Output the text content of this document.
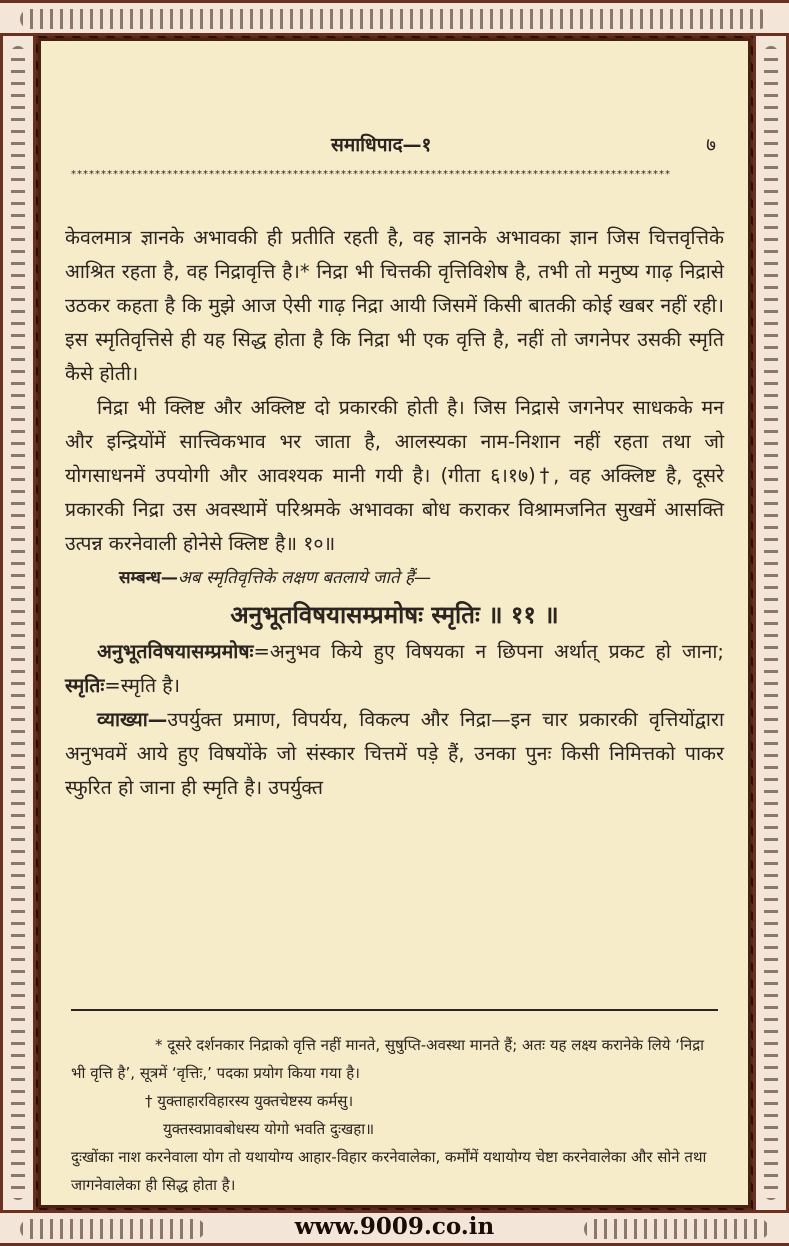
समाधिपाद—१	७
****************************************************************************************************

केवलमात्र ज्ञानके अभावकी ही प्रतीति रहती है, वह ज्ञानके अभावका ज्ञान जिस चित्तवृत्तिके आश्रित रहता है, वह निद्रावृत्ति है।* निद्रा भी चित्तकी वृत्तिविशेष है, तभी तो मनुष्य गाढ़ निद्रासे उठकर कहता है कि मुझे आज ऐसी गाढ़ निद्रा आयी जिसमें किसी बातकी कोई खबर नहीं रही। इस स्मृतिवृत्तिसे ही यह सिद्ध होता है कि निद्रा भी एक वृत्ति है, नहीं तो जगनेपर उसकी स्मृति कैसे होती।

निद्रा भी क्लिष्ट और अक्लिष्ट दो प्रकारकी होती है। जिस निद्रासे जगनेपर साधकके मन और इन्द्रियोंमें सात्त्विकभाव भर जाता है, आलस्यका नाम-निशान नहीं रहता तथा जो योगसाधनमें उपयोगी और आवश्यक मानी गयी है। (गीता ६।१७)†, वह अक्लिष्ट है, दूसरे प्रकारकी निद्रा उस अवस्थामें परिश्रमके अभावका बोध कराकर विश्रामजनित सुखमें आसक्ति उत्पन्न करनेवाली होनेसे क्लिष्ट है॥ १०॥

सम्बन्ध—अब स्मृतिवृत्तिके लक्षण बतलाये जाते हैं—

अनुभूतविषयासम्प्रमोषः स्मृतिः ॥ ११ ॥

अनुभूतविषयासम्प्रमोषः=अनुभव किये हुए विषयका न छिपना अर्थात् प्रकट हो जाना; स्मृतिः=स्मृति है।

व्याख्या—उपर्युक्त प्रमाण, विपर्यय, विकल्प और निद्रा—इन चार प्रकारकी वृत्तियोंद्वारा अनुभवमें आये हुए विषयोंके जो संस्कार चित्तमें पड़े हैं, उनका पुनः किसी निमित्तको पाकर स्फुरित हो जाना ही स्मृति है। उपर्युक्त

* दूसरे दर्शनकार निद्राको वृत्ति नहीं मानते, सुषुप्ति-अवस्था मानते हैं; अतः यह लक्ष्य करानेके लिये ‘निद्रा भी वृत्ति है’, सूत्रमें ‘वृत्तिः,’ पदका प्रयोग किया गया है।

† युक्ताहारविहारस्य युक्तचेष्टस्य कर्मसु।

युक्तस्वप्नावबोधस्य योगो भवति दुःखहा॥

दुःखोंका नाश करनेवाला योग तो यथायोग्य आहार-विहार करनेवालेका, कर्मोंमें यथायोग्य चेष्टा करनेवालेका और सोने तथा जागनेवालेका ही सिद्ध होता है।

www.9009.co.in
